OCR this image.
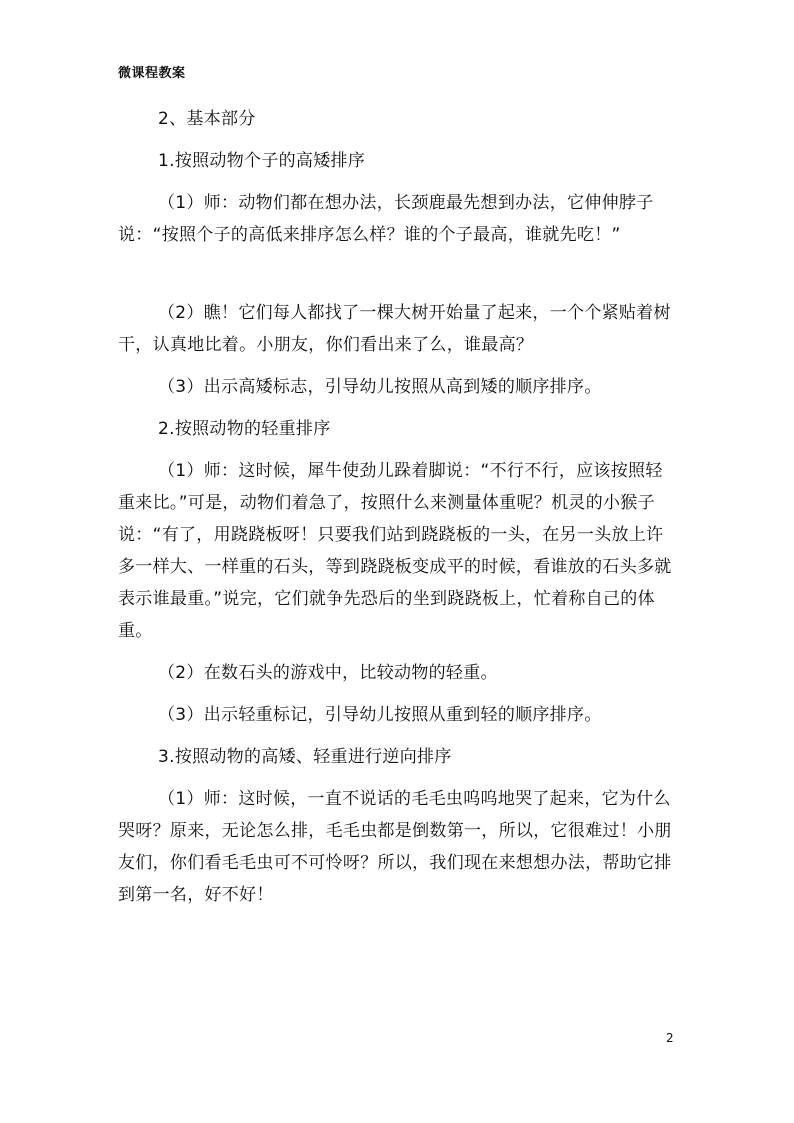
微课程教案

2、基本部分

1.按照动物个子的高矮排序

（1）师：动物们都在想办法，长颈鹿最先想到办法，它伸伸脖子说：“按照个子的高低来排序怎么样？谁的个子最高，谁就先吃！”

（2）瞧！它们每人都找了一棵大树开始量了起来，一个个紧贴着树干，认真地比着。小朋友，你们看出来了么，谁最高？

（3）出示高矮标志，引导幼儿按照从高到矮的顺序排序。

2.按照动物的轻重排序

（1）师：这时候，犀牛使劲儿跺着脚说：“不行不行，应该按照轻重来比。”可是，动物们着急了，按照什么来测量体重呢？机灵的小猴子说：“有了，用跷跷板呀！只要我们站到跷跷板的一头，在另一头放上许多一样大、一样重的石头，等到跷跷板变成平的时候，看谁放的石头多就表示谁最重。”说完，它们就争先恐后的坐到跷跷板上，忙着称自己的体重。

（2）在数石头的游戏中，比较动物的轻重。

（3）出示轻重标记，引导幼儿按照从重到轻的顺序排序。

3.按照动物的高矮、轻重进行逆向排序

（1）师：这时候，一直不说话的毛毛虫呜呜地哭了起来，它为什么哭呀？原来，无论怎么排，毛毛虫都是倒数第一，所以，它很难过！小朋友们，你们看毛毛虫可不可怜呀？所以，我们现在来想想办法，帮助它排到第一名，好不好！

2
